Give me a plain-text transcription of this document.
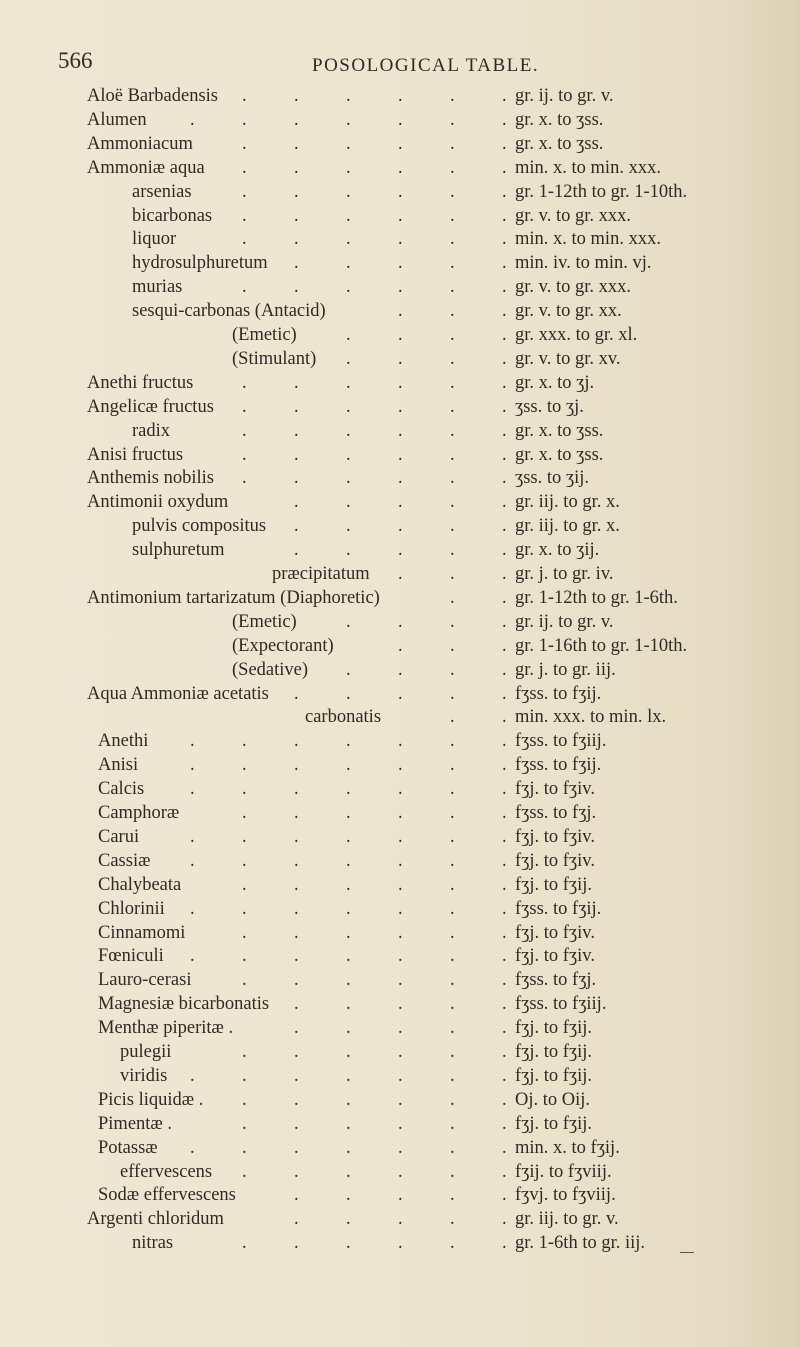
566	POSOLOGICAL TABLE.
Aloë Barbadensis	gr. ij. to gr. v.
.
.
.
.
.
.
Alumen	gr. x. to ʒss.
.
.
.
.
.
.
.
Ammoniacum	gr. x. to ʒss.
.
.
.
.
.
.
Ammoniæ aqua	min. x. to min. xxx.
.
.
.
.
.
.
arsenias	gr. 1-12th to gr. 1-10th.
.
.
.
.
.
.
bicarbonas	gr. v. to gr. xxx.
.
.
.
.
.
.
liquor	min. x. to min. xxx.
.
.
.
.
.
.
hydrosulphuretum	min. iv. to min. vj.
.
.
.
.
.
murias	gr. v. to gr. xxx.
.
.
.
.
.
.
sesqui-carbonas (Antacid)	gr. v. to gr. xx.
.
.
.
(Emetic)	gr. xxx. to gr. xl.
.
.
.
.
(Stimulant)	gr. v. to gr. xv.
.
.
.
.
Anethi fructus	gr. x. to ʒj.
.
.
.
.
.
.
Angelicæ fructus	ʒss. to ʒj.
.
.
.
.
.
.
radix	gr. x. to ʒss.
.
.
.
.
.
.
Anisi fructus	gr. x. to ʒss.
.
.
.
.
.
.
Anthemis nobilis	ʒss. to ʒij.
.
.
.
.
.
.
Antimonii oxydum	gr. iij. to gr. x.
.
.
.
.
.
pulvis compositus	gr. iij. to gr. x.
.
.
.
.
.
sulphuretum	gr. x. to ʒij.
.
.
.
.
.
præcipitatum	gr. j. to gr. iv.
.
.
.
Antimonium tartarizatum (Diaphoretic)	gr. 1-12th to gr. 1-6th.
.
.
(Emetic)	gr. ij. to gr. v.
.
.
.
.
(Expectorant)	gr. 1-16th to gr. 1-10th.
.
.
.
(Sedative)	gr. j. to gr. iij.
.
.
.
.
Aqua Ammoniæ acetatis	fʒss. to fʒij.
.
.
.
.
.
carbonatis	min. xxx. to min. lx.
.
.
Anethi	fʒss. to fʒiij.
.
.
.
.
.
.
.
Anisi	fʒss. to fʒij.
.
.
.
.
.
.
.
Calcis	fʒj. to fʒiv.
.
.
.
.
.
.
.
Camphoræ	fʒss. to fʒj.
.
.
.
.
.
.
Carui	fʒj. to fʒiv.
.
.
.
.
.
.
.
Cassiæ	fʒj. to fʒiv.
.
.
.
.
.
.
.
Chalybeata	fʒj. to fʒij.
.
.
.
.
.
.
Chlorinii	fʒss. to fʒij.
.
.
.
.
.
.
.
Cinnamomi	fʒj. to fʒiv.
.
.
.
.
.
.
Fœniculi	fʒj. to fʒiv.
.
.
.
.
.
.
.
Lauro-cerasi	fʒss. to fʒj.
.
.
.
.
.
.
Magnesiæ bicarbonatis	fʒss. to fʒiij.
.
.
.
.
.
Menthæ piperitæ .	fʒj. to fʒij.
.
.
.
.
.
pulegii	fʒj. to fʒij.
.
.
.
.
.
.
viridis	fʒj. to fʒij.
.
.
.
.
.
.
.
Picis liquidæ .	Oj. to Oij.
.
.
.
.
.
.
Pimentæ .	fʒj. to fʒij.
.
.
.
.
.
.
Potassæ	min. x. to fʒij.
.
.
.
.
.
.
.
effervescens	fʒij. to fʒviij.
.
.
.
.
.
.
Sodæ effervescens	fʒvj. to fʒviij.
.
.
.
.
.
Argenti chloridum	gr. iij. to gr. v.
.
.
.
.
.
nitras	gr. 1-6th to gr. iij.
.
.
.
.
.
.
